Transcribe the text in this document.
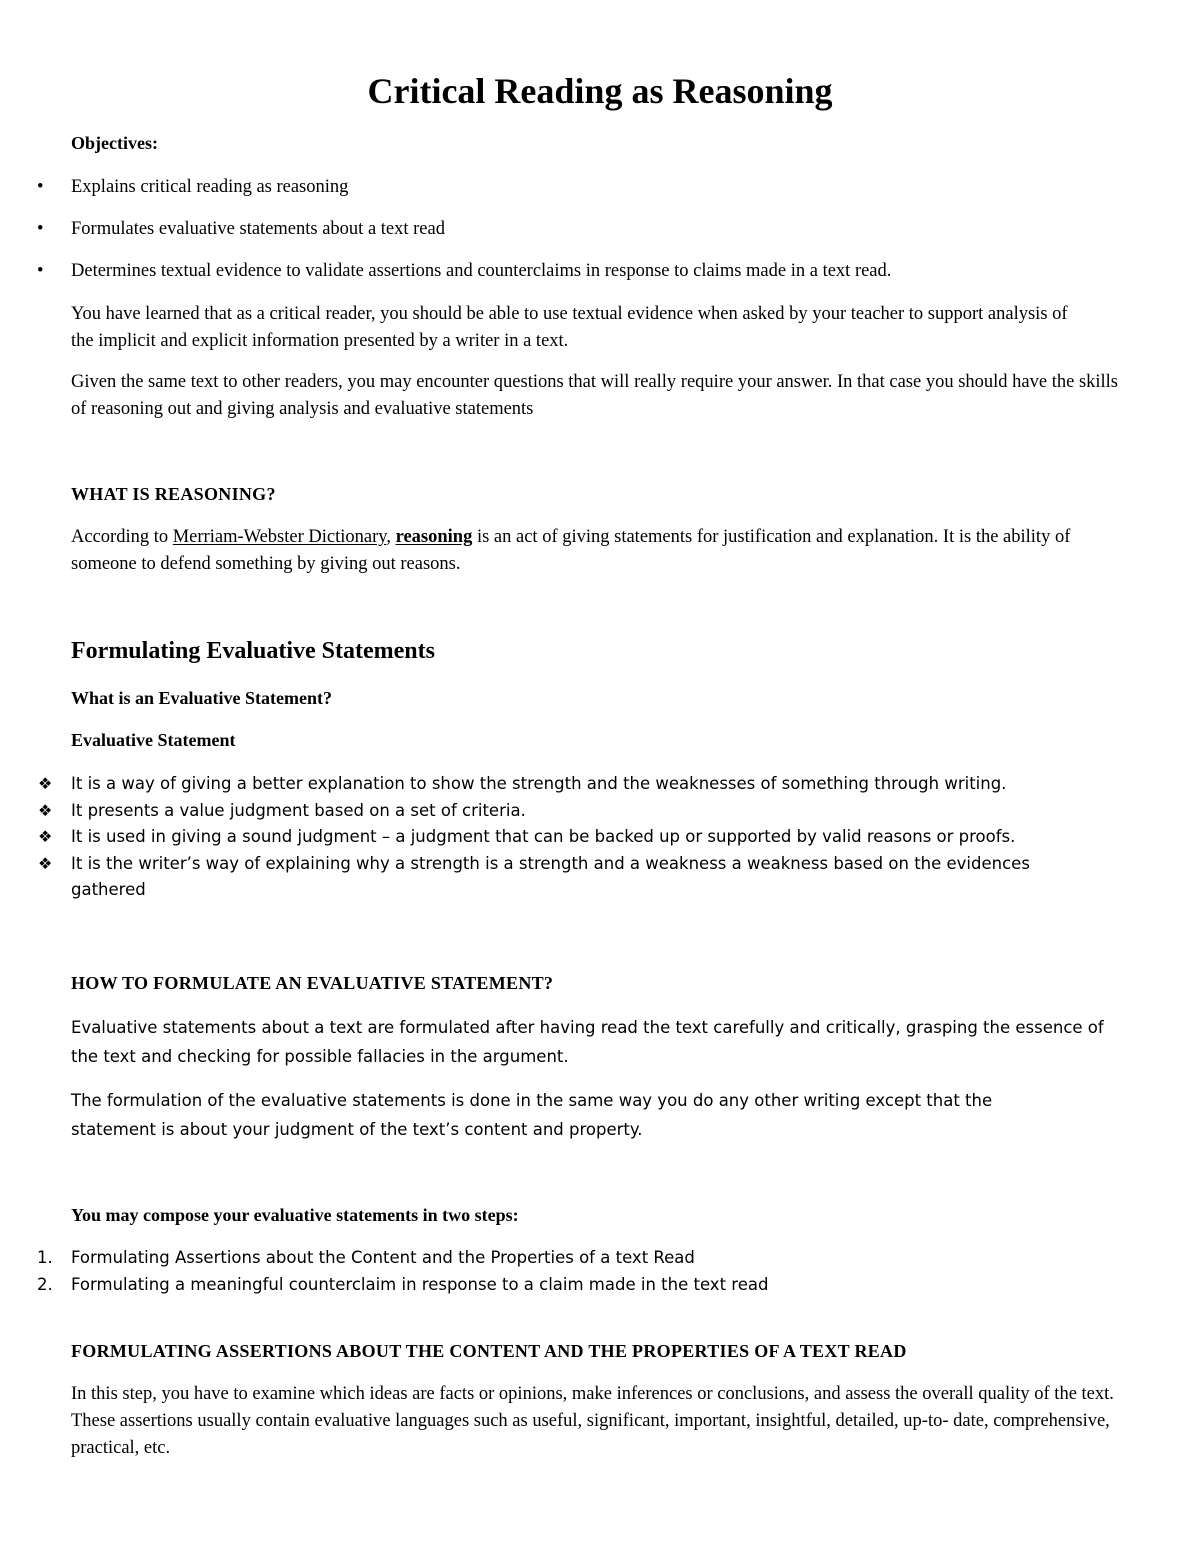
Critical Reading as Reasoning
Objectives:
• Explains critical reading as reasoning
• Formulates evaluative statements about a text read
• Determines textual evidence to validate assertions and counterclaims in response to claims made in a text read.

You have learned that as a critical reader, you should be able to use textual evidence when asked by your teacher to support analysis of the implicit and explicit information presented by a writer in a text.

Given the same text to other readers, you may encounter questions that will really require your answer. In that case you should have the skills of reasoning out and giving analysis and evaluative statements

WHAT IS REASONING?

According to Merriam-Webster Dictionary, reasoning is an act of giving statements for justification and explanation. It is the ability of someone to defend something by giving out reasons.

Formulating Evaluative Statements
What is an Evaluative Statement?
Evaluative Statement
❖ It is a way of giving a better explanation to show the strength and the weaknesses of something through writing.
❖ It presents a value judgment based on a set of criteria.
❖ It is used in giving a sound judgment – a judgment that can be backed up or supported by valid reasons or proofs.
❖ It is the writer’s way of explaining why a strength is a strength and a weakness a weakness based on the evidences gathered
HOW TO FORMULATE AN EVALUATIVE STATEMENT?

Evaluative statements about a text are formulated after having read the text carefully and critically, grasping the essence of the text and checking for possible fallacies in the argument.

The formulation of the evaluative statements is done in the same way you do any other writing except that the statement is about your judgment of the text’s content and property.

You may compose your evaluative statements in two steps:
1. Formulating Assertions about the Content and the Properties of a text Read
2. Formulating a meaningful counterclaim in response to a claim made in the text read
FORMULATING ASSERTIONS ABOUT THE CONTENT AND THE PROPERTIES OF A TEXT READ

In this step, you have to examine which ideas are facts or opinions, make inferences or conclusions, and assess the overall quality of the text. These assertions usually contain evaluative languages such as useful, significant, important, insightful, detailed, up-to- date, comprehensive, practical, etc.
